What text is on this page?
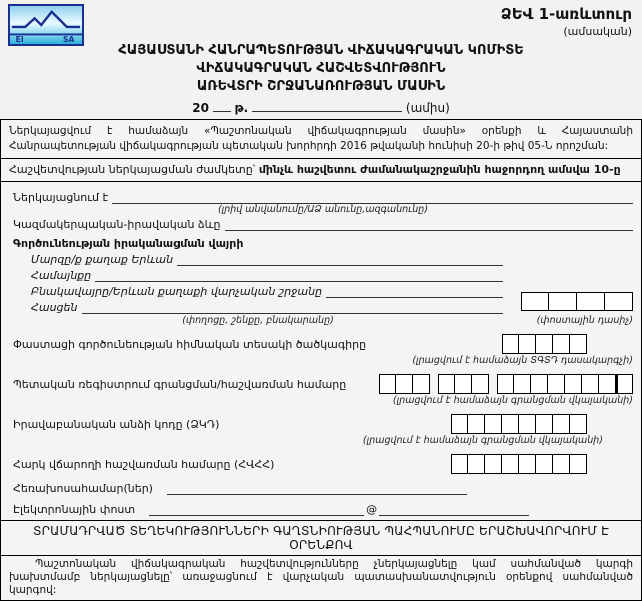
EI	SA
ՁԵՎ 1-առևտուր
(ամսական)
ՀԱՅԱՍՏԱՆԻ ՀԱՆՐԱՊԵՏՈՒԹՅԱՆ ՎԻՃԱԿԱԳՐԱԿԱՆ ԿՈՄԻՏԵ
ՎԻՃԱԿԱԳՐԱԿԱՆ ՀԱՇՎԵՏՎՈՒԹՅՈՒՆ
ԱՌԵՎՏՐԻ ՇՐՋԱՆԱՌՈՒԹՅԱՆ ՄԱՍԻՆ
20 թ.	(ամիս)
Ներկայացվում է համաձայն «Պաշտոնական վիճակագրության մասին» օրենքի և Հայաստանի Հանրապետության վիճակագրության պետական խորհրդի 2016 թվականի հունիսի 20-ի թիվ 05-Ն որոշման:
Հաշվետվության ներկայացման ժամկետը՝ մինչև հաշվետու ժամանակաշրջանին հաջորդող ամսվա 10-ը
Ներկայացնում է
(լրիվ անվանումը/ԱՁ անունը,ազգանունը)
Կազմակերպական-իրավական ձևը
Գործունեության իրականացման վայրի
Մարզը/ք քաղաք Երևան
Համայնքը
Բնակավայրը/Երևան քաղաքի վարչական շրջանը
Հասցեն
(փողոցը, շենքը, բնակարանը)	(փոստային դասիչ)
Փաստացի գործունեության հիմնական տեսակի ծածկագիրը
(լրացվում է համաձայն ՏԳՏԴ դասակարգչի)
Պետական ռեգիստրում գրանցման/հաշվառման համարը
(լրացվում է համաձայն գրանցման վկայականի)
Իրավաբանական անձի կոդը (ՁԿԴ)
(լրացվում է համաձայն գրանցման վկայականի)
Հարկ վճարողի հաշվառման համարը (ՀՎՀՀ)
Հեռախոսահամար(ներ)
Էլեկտրոնային փոստ	@
ՏՐԱՄԱԴՐՎԱԾ ՏԵՂԵԿՈՒԹՅՈՒՆՆԵՐԻ ԳԱՂՏՆԻՈՒԹՅԱՆ ՊԱՀՊԱՆՈՒՄԸ ԵՐԱՇԽԱՎՈՐՎՈՒՄ Է ՕՐԵՆՔՈՎ
Պաշտոնական վիճակագրական հաշվետվությունները չներկայացնելը կամ սահմանված կարգի խախտմամբ ներկայացնելը՝ առաջացնում է վարչական պատասխանատվություն օրենքով սահմանված կարգով:
